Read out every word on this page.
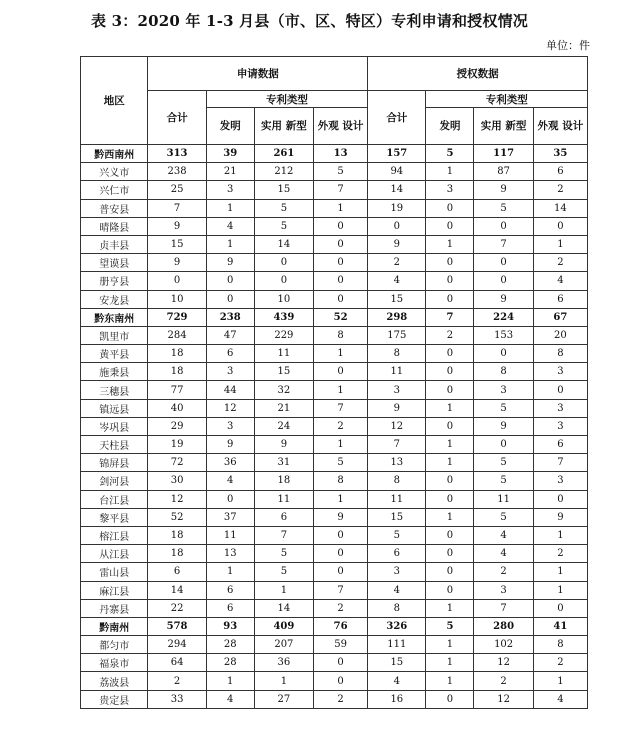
表 3：2020 年 1-3 月县（市、区、特区）专利申请和授权情况
单位：件
地区	申请数据				授权数据			
	合计	专利类型			合计	专利类型		
		发明	实用 新型	外观 设计		发明	实用 新型	外观 设计
黔西南州	313	39	261	13	157	5	117	35
兴义市	238	21	212	5	94	1	87	6
兴仁市	25	3	15	7	14	3	9	2
普安县	7	1	5	1	19	0	5	14
晴隆县	9	4	5	0	0	0	0	0
贞丰县	15	1	14	0	9	1	7	1
望谟县	9	9	0	0	2	0	0	2
册亨县	0	0	0	0	4	0	0	4
安龙县	10	0	10	0	15	0	9	6
黔东南州	729	238	439	52	298	7	224	67
凯里市	284	47	229	8	175	2	153	20
黄平县	18	6	11	1	8	0	0	8
施秉县	18	3	15	0	11	0	8	3
三穗县	77	44	32	1	3	0	3	0
镇远县	40	12	21	7	9	1	5	3
岑巩县	29	3	24	2	12	0	9	3
天柱县	19	9	9	1	7	1	0	6
锦屏县	72	36	31	5	13	1	5	7
剑河县	30	4	18	8	8	0	5	3
台江县	12	0	11	1	11	0	11	0
黎平县	52	37	6	9	15	1	5	9
榕江县	18	11	7	0	5	0	4	1
从江县	18	13	5	0	6	0	4	2
雷山县	6	1	5	0	3	0	2	1
麻江县	14	6	1	7	4	0	3	1
丹寨县	22	6	14	2	8	1	7	0
黔南州	578	93	409	76	326	5	280	41
都匀市	294	28	207	59	111	1	102	8
福泉市	64	28	36	0	15	1	12	2
荔波县	2	1	1	0	4	1	2	1
贵定县	33	4	27	2	16	0	12	4
